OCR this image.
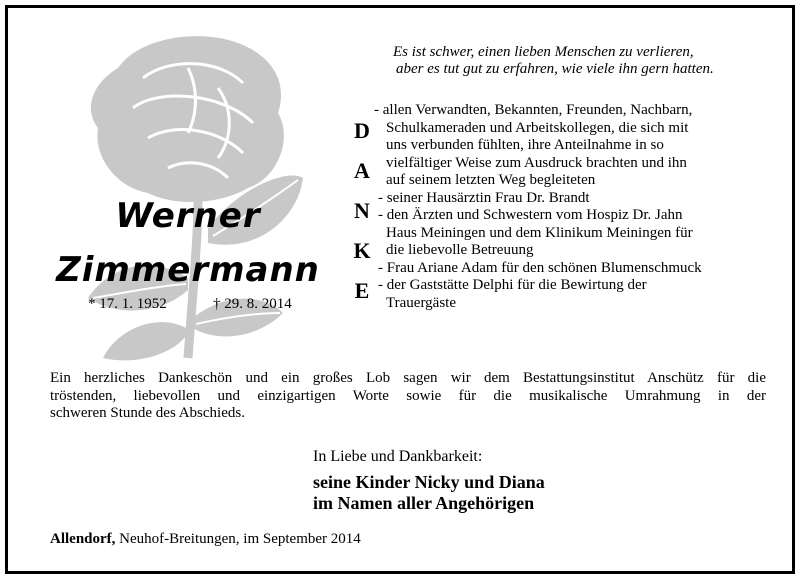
Es ist schwer, einen lieben Menschen zu verlieren,
aber es tut gut zu erfahren, wie viele ihn gern hatten.
Werner
Zimmermann
* 17. 1. 1952	† 29. 8. 2014
D
A
N
K
E
- allen Verwandten, Bekannten, Freunden, Nachbarn,
Schulkameraden und Arbeitskollegen, die sich mit
uns verbunden fühlten, ihre Anteilnahme in so
vielfältiger Weise zum Ausdruck brachten und ihn
auf seinem letzten Weg begleiteten
- seiner Hausärztin Frau Dr. Brandt
- den Ärzten und Schwestern vom Hospiz Dr. Jahn
Haus Meiningen und dem Klinikum Meiningen für
die liebevolle Betreuung
- Frau Ariane Adam für den schönen Blumenschmuck
- der Gaststätte Delphi für die Bewirtung der
Trauergäste
Ein herzliches Dankeschön und ein großes Lob sagen wir dem Bestattungsinstitut Anschütz für die
tröstenden, liebevollen und einzigartigen Worte sowie für die musikalische Umrahmung in der
schweren Stunde des Abschieds.
In Liebe und Dankbarkeit:
seine Kinder Nicky und Diana
im Namen aller Angehörigen
Allendorf, Neuhof-Breitungen, im September 2014
